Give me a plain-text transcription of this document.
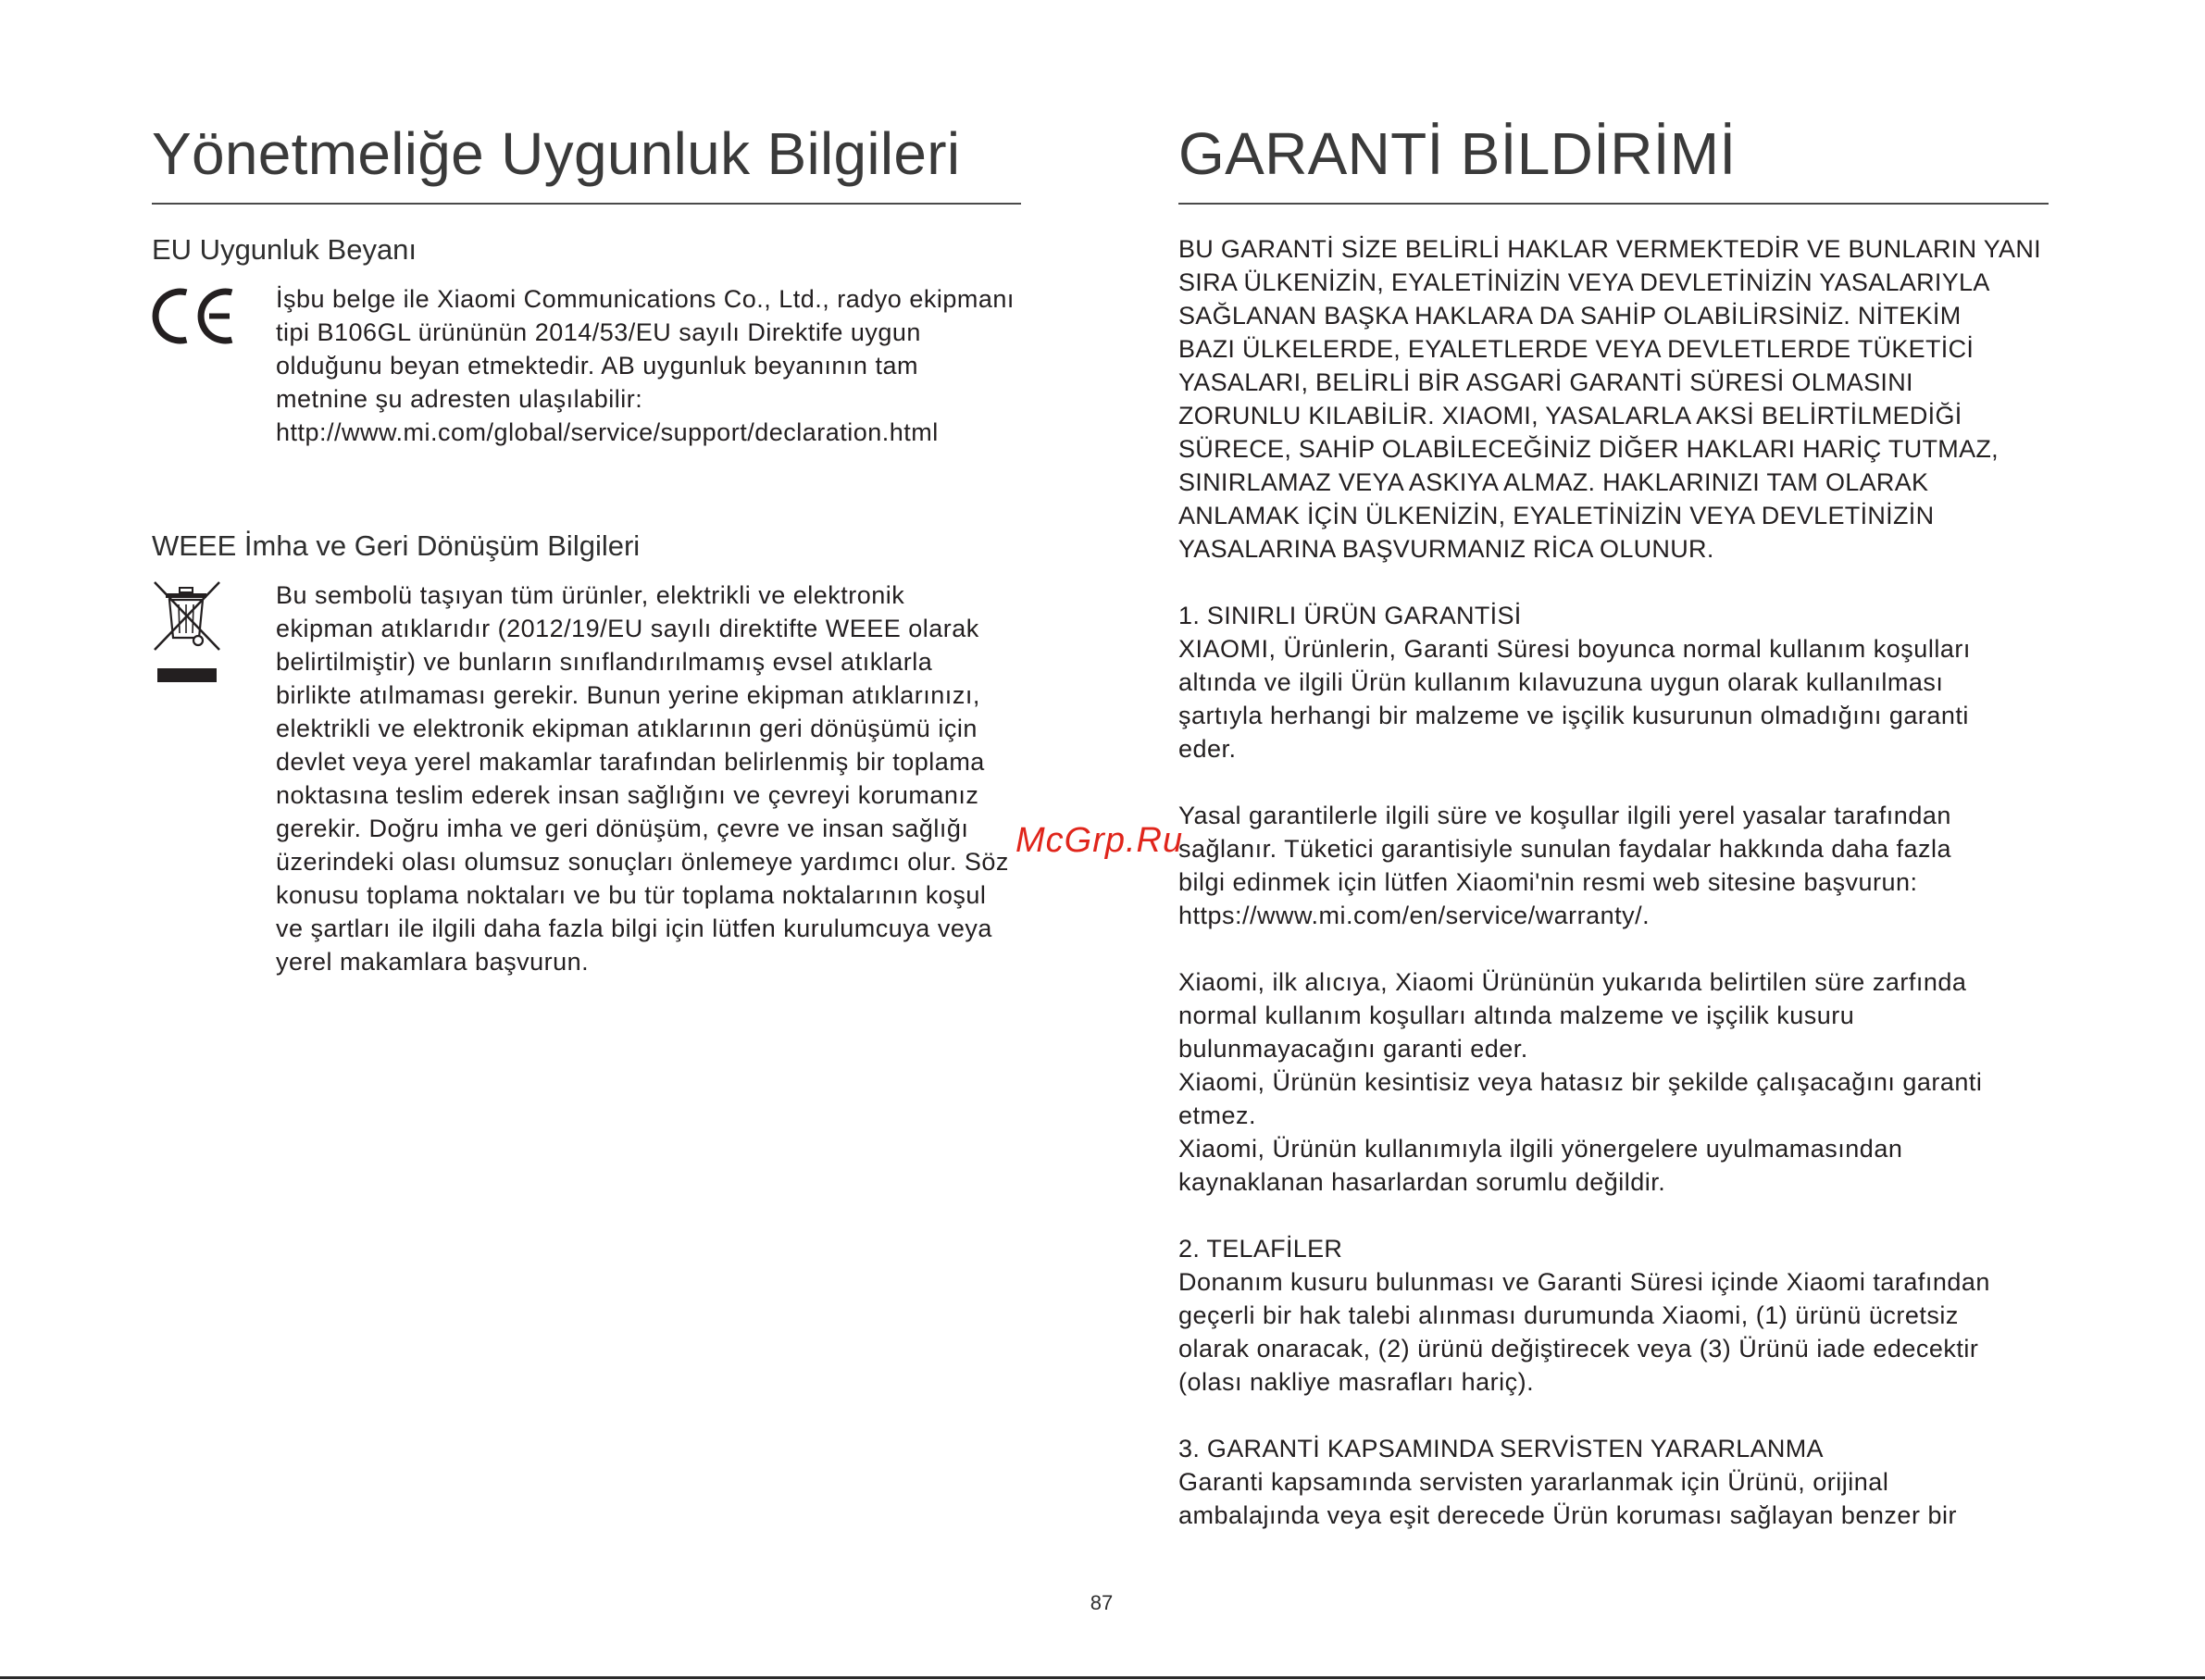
Yönetmeliğe Uygunluk Bilgileri
EU Uygunluk Beyanı
İşbu belge ile Xiaomi Communications Co., Ltd., radyo ekipmanı
tipi B106GL ürününün 2014/53/EU sayılı Direktife uygun
olduğunu beyan etmektedir. AB uygunluk beyanının tam
metnine şu adresten ulaşılabilir:
http://www.mi.com/global/service/support/declaration.html
WEEE İmha ve Geri Dönüşüm Bilgileri
Bu sembolü taşıyan tüm ürünler, elektrikli ve elektronik
ekipman atıklarıdır (2012/19/EU sayılı direktifte WEEE olarak
belirtilmiştir) ve bunların sınıflandırılmamış evsel atıklarla
birlikte atılmaması gerekir. Bunun yerine ekipman atıklarınızı,
elektrikli ve elektronik ekipman atıklarının geri dönüşümü için
devlet veya yerel makamlar tarafından belirlenmiş bir toplama
noktasına teslim ederek insan sağlığını ve çevreyi korumanız
gerekir. Doğru imha ve geri dönüşüm, çevre ve insan sağlığı
üzerindeki olası olumsuz sonuçları önlemeye yardımcı olur. Söz
konusu toplama noktaları ve bu tür toplama noktalarının koşul
ve şartları ile ilgili daha fazla bilgi için lütfen kurulumcuya veya
yerel makamlara başvurun.
GARANTİ BİLDİRİMİ
BU GARANTİ SİZE BELİRLİ HAKLAR VERMEKTEDİR VE BUNLARIN YANI
SIRA ÜLKENİZİN, EYALETİNİZİN VEYA DEVLETİNİZİN YASALARIYLA
SAĞLANAN BAŞKA HAKLARA DA SAHİP OLABİLİRSİNİZ. NİTEKİM
BAZI ÜLKELERDE, EYALETLERDE VEYA DEVLETLERDE TÜKETİCİ
YASALARI, BELİRLİ BİR ASGARİ GARANTİ SÜRESİ OLMASINI
ZORUNLU KILABİLİR. XIAOMI, YASALARLA AKSİ BELİRTİLMEDİĞİ
SÜRECE, SAHİP OLABİLECEĞİNİZ DİĞER HAKLARI HARİÇ TUTMAZ,
SINIRLAMAZ VEYA ASKIYA ALMAZ. HAKLARINIZI TAM OLARAK
ANLAMAK İÇİN ÜLKENİZİN, EYALETİNİZİN VEYA DEVLETİNİZİN
YASALARINA BAŞVURMANIZ RİCA OLUNUR.
1. SINIRLI ÜRÜN GARANTİSİ
XIAOMI, Ürünlerin, Garanti Süresi boyunca normal kullanım koşulları
altında ve ilgili Ürün kullanım kılavuzuna uygun olarak kullanılması
şartıyla herhangi bir malzeme ve işçilik kusurunun olmadığını garanti
eder.
Yasal garantilerle ilgili süre ve koşullar ilgili yerel yasalar tarafından
sağlanır. Tüketici garantisiyle sunulan faydalar hakkında daha fazla
bilgi edinmek için lütfen Xiaomi'nin resmi web sitesine başvurun:
https://www.mi.com/en/service/warranty/.
Xiaomi, ilk alıcıya, Xiaomi Ürününün yukarıda belirtilen süre zarfında
normal kullanım koşulları altında malzeme ve işçilik kusuru
bulunmayacağını garanti eder.
Xiaomi, Ürünün kesintisiz veya hatasız bir şekilde çalışacağını garanti
etmez.
Xiaomi, Ürünün kullanımıyla ilgili yönergelere uyulmamasından
kaynaklanan hasarlardan sorumlu değildir.
2. TELAFİLER
Donanım kusuru bulunması ve Garanti Süresi içinde Xiaomi tarafından
geçerli bir hak talebi alınması durumunda Xiaomi, (1) ürünü ücretsiz
olarak onaracak, (2) ürünü değiştirecek veya (3) Ürünü iade edecektir
(olası nakliye masrafları hariç).
3. GARANTİ KAPSAMINDA SERVİSTEN YARARLANMA
Garanti kapsamında servisten yararlanmak için Ürünü, orijinal
ambalajında veya eşit derecede Ürün koruması sağlayan benzer bir
McGrp.Ru
87
